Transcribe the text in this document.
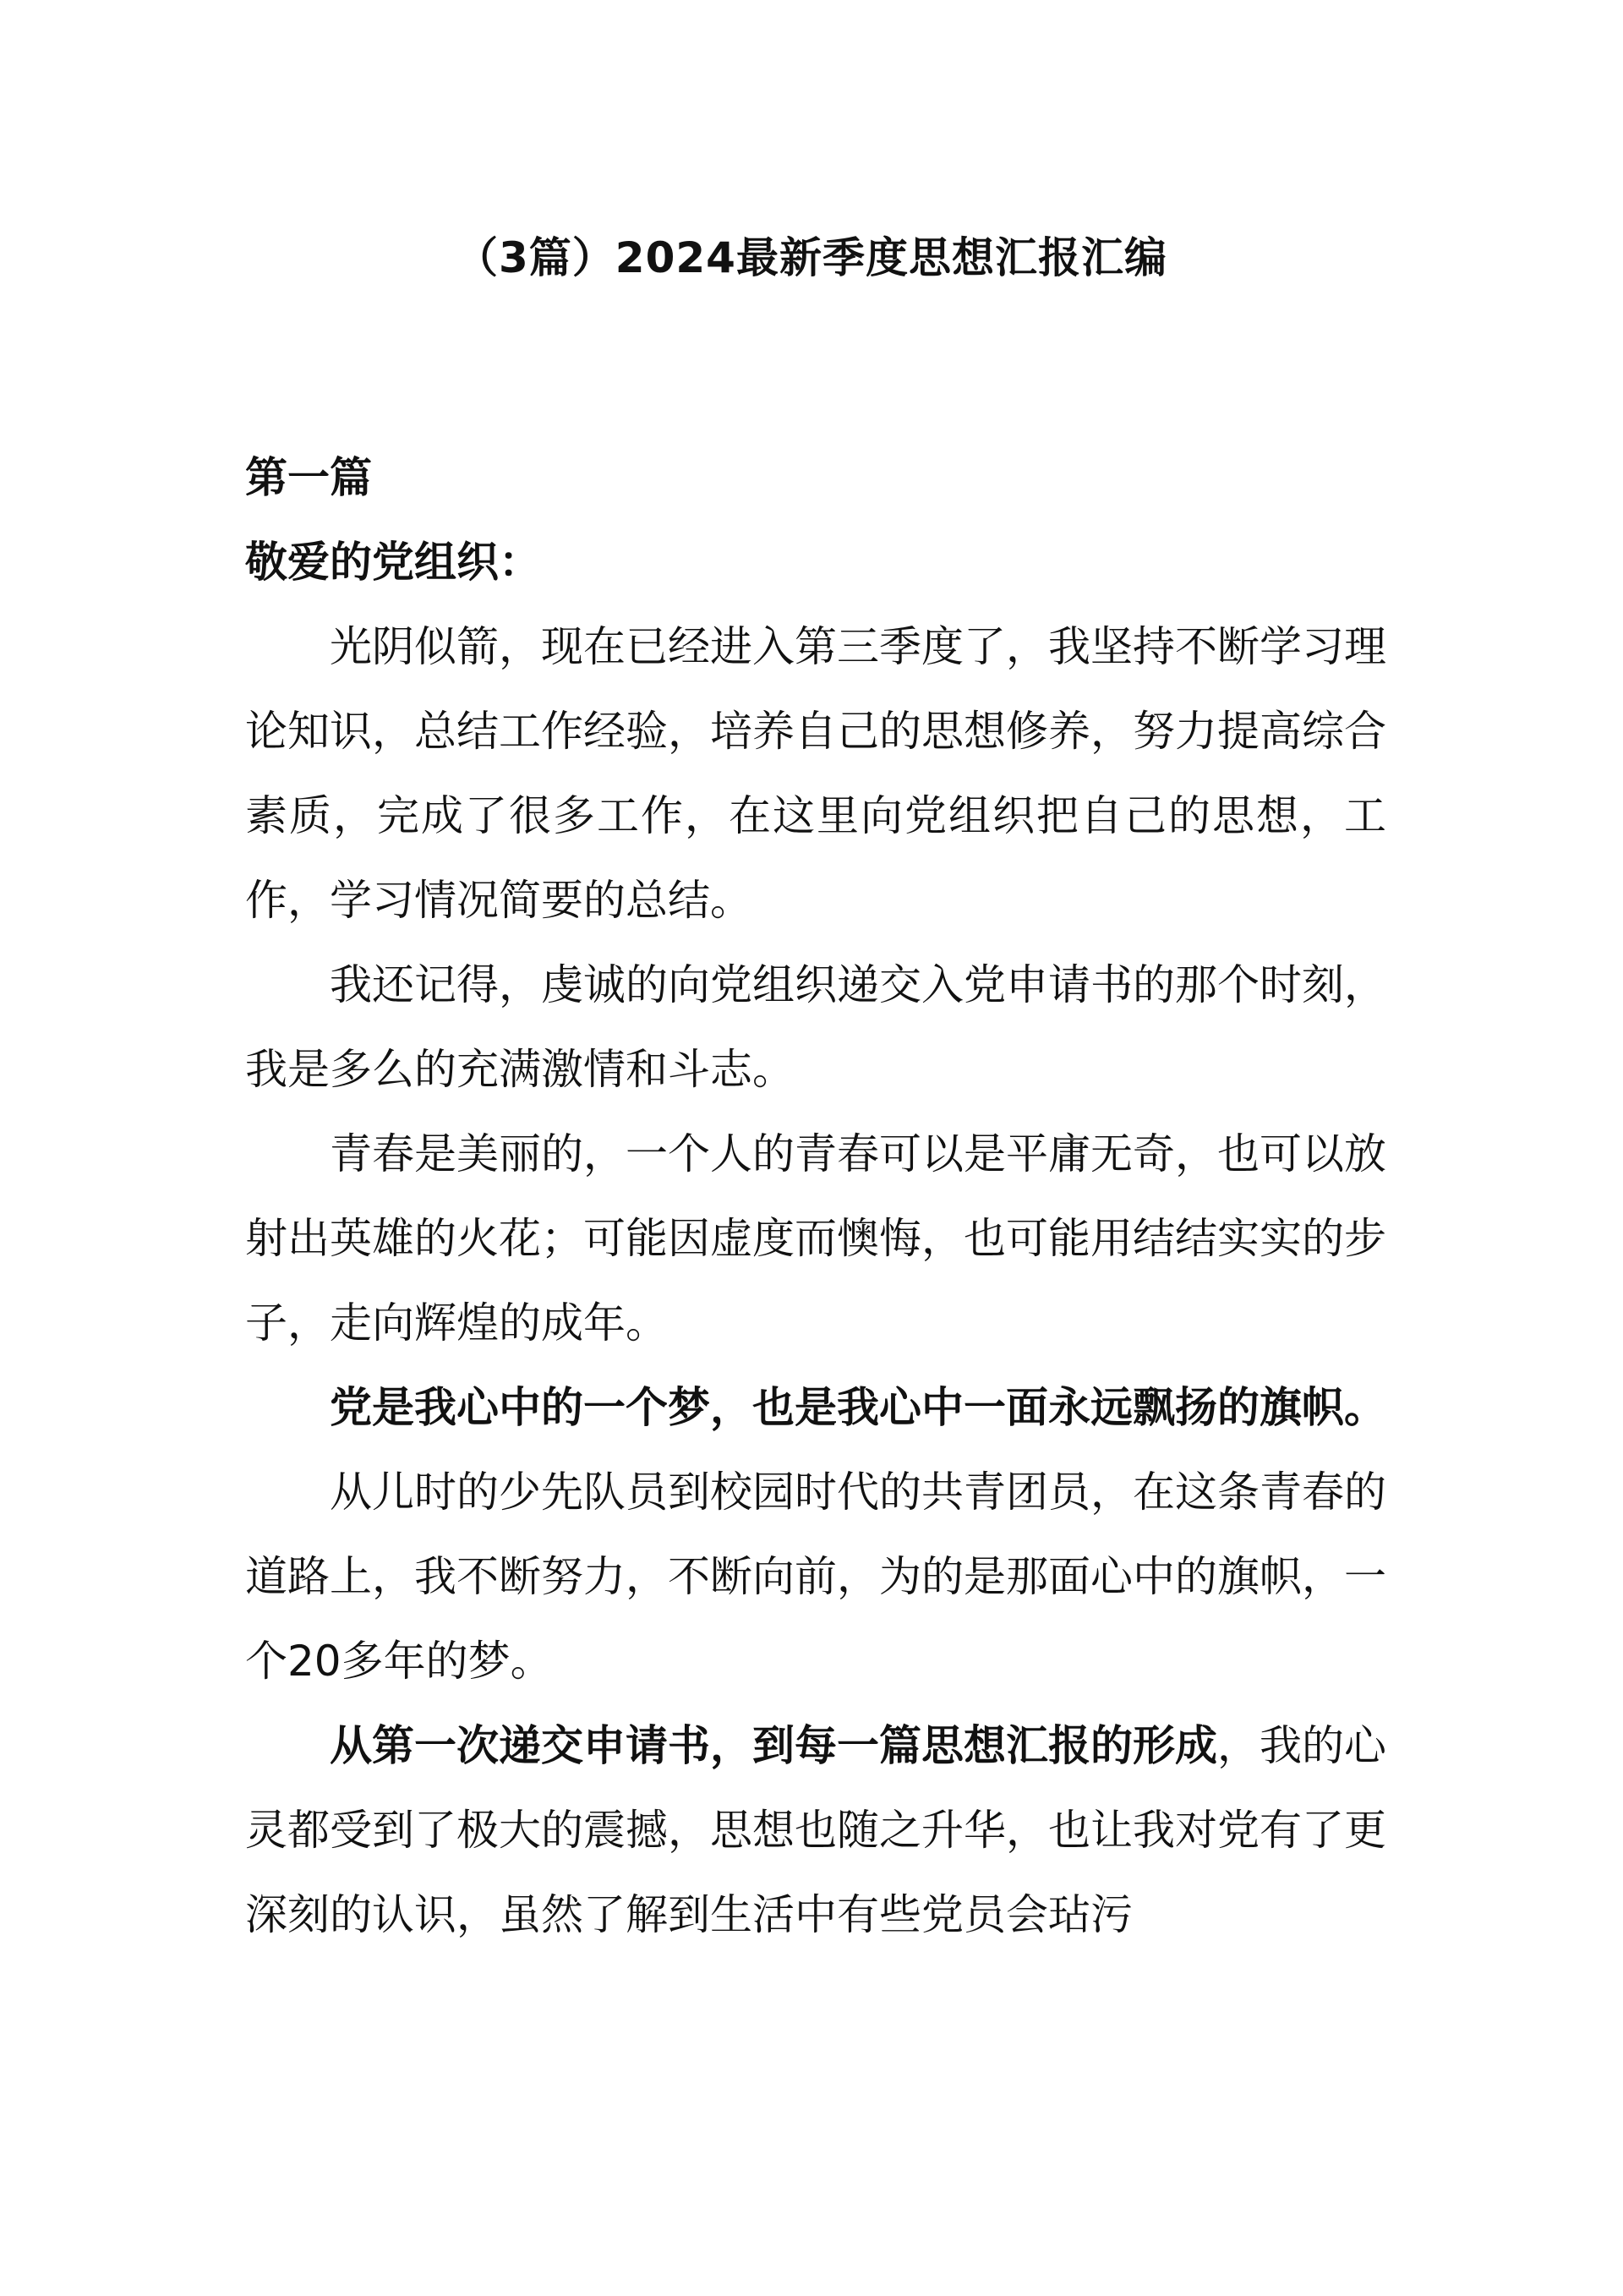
（3篇）2024最新季度思想汇报汇编

第一篇

敬爱的党组织：

光阴似箭，现在已经进入第三季度了，我坚持不断学习理论知识，总结工作经验，培养自己的思想修养，努力提高综合素质，完成了很多工作，在这里向党组织把自己的思想，工作，学习情况简要的总结。

我还记得，虔诚的向党组织递交入党申请书的那个时刻，我是多么的充满激情和斗志。

青春是美丽的，一个人的青春可以是平庸无奇，也可以放射出英雄的火花；可能因虚度而懊悔，也可能用结结实实的步子，走向辉煌的成年。

党是我心中的一个梦，也是我心中一面永远飘扬的旗帜。

从儿时的少先队员到校园时代的共青团员，在这条青春的道路上，我不断努力，不断向前，为的是那面心中的旗帜，一个20多年的梦。

从第一次递交申请书，到每一篇思想汇报的形成，我的心灵都受到了极大的震撼，思想也随之升华，也让我对党有了更深刻的认识，虽然了解到生活中有些党员会玷污
